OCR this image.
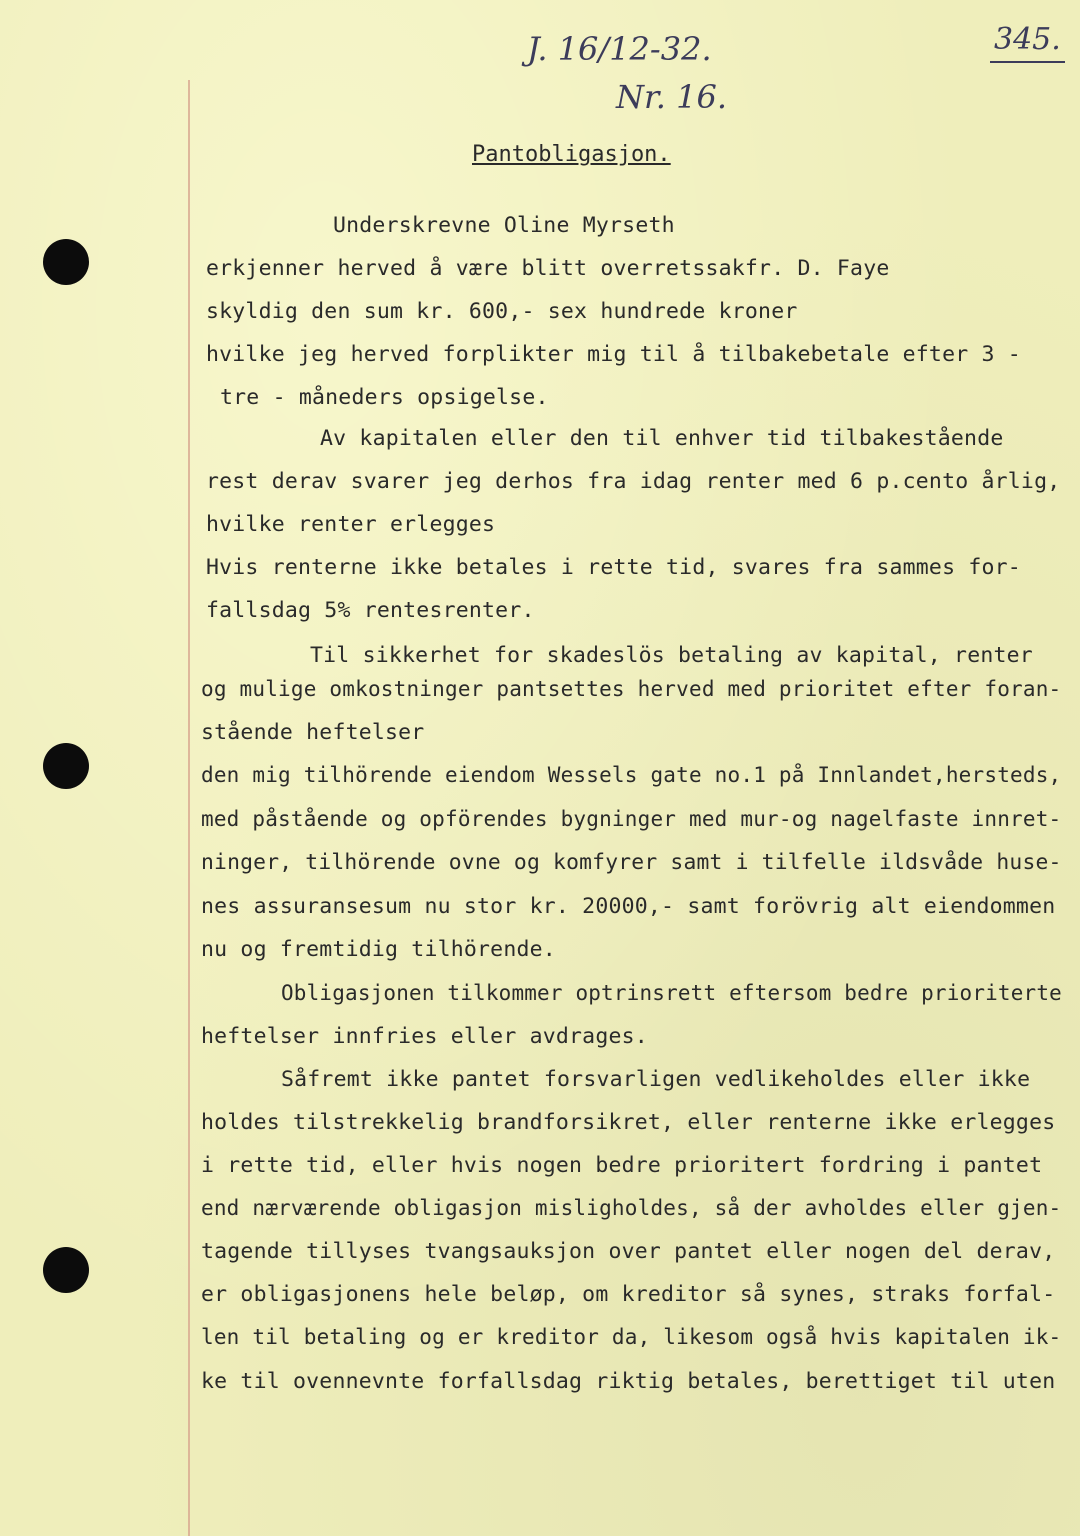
345.
J. 16/12-32.
Nr. 16.
Pantobligasjon.
Underskrevne Oline Myrseth
erkjenner herved å være blitt overretssakfr. D. Faye
skyldig den sum kr. 600,- sex hundrede kroner
hvilke jeg herved forplikter mig til å tilbakebetale efter 3 -
tre - måneders opsigelse.
Av kapitalen eller den til enhver tid tilbakestående
rest derav svarer jeg derhos fra idag renter med 6 p.cento årlig,
hvilke renter erlegges
Hvis renterne ikke betales i rette tid, svares fra sammes for-
fallsdag 5% rentesrenter.
Til sikkerhet for skadeslös betaling av kapital, renter
og mulige omkostninger pantsettes herved med prioritet efter foran-
stående heftelser
den mig tilhörende eiendom Wessels gate no.1 på Innlandet,hersteds,
med påstående og opförendes bygninger med mur-og nagelfaste innret-
ninger, tilhörende ovne og komfyrer samt i tilfelle ildsvåde huse-
nes assuransesum nu stor kr. 20000,- samt forövrig alt eiendommen
nu og fremtidig tilhörende.
Obligasjonen tilkommer optrinsrett eftersom bedre prioriterte
heftelser innfries eller avdrages.
Såfremt ikke pantet forsvarligen vedlikeholdes eller ikke
holdes tilstrekkelig brandforsikret, eller renterne ikke erlegges
i rette tid, eller hvis nogen bedre prioritert fordring i pantet
end nærværende obligasjon misligholdes, så der avholdes eller gjen-
tagende tillyses tvangsauksjon over pantet eller nogen del derav,
er obligasjonens hele beløp, om kreditor så synes, straks forfal-
len til betaling og er kreditor da, likesom også hvis kapitalen ik-
ke til ovennevnte forfallsdag riktig betales, berettiget til uten
